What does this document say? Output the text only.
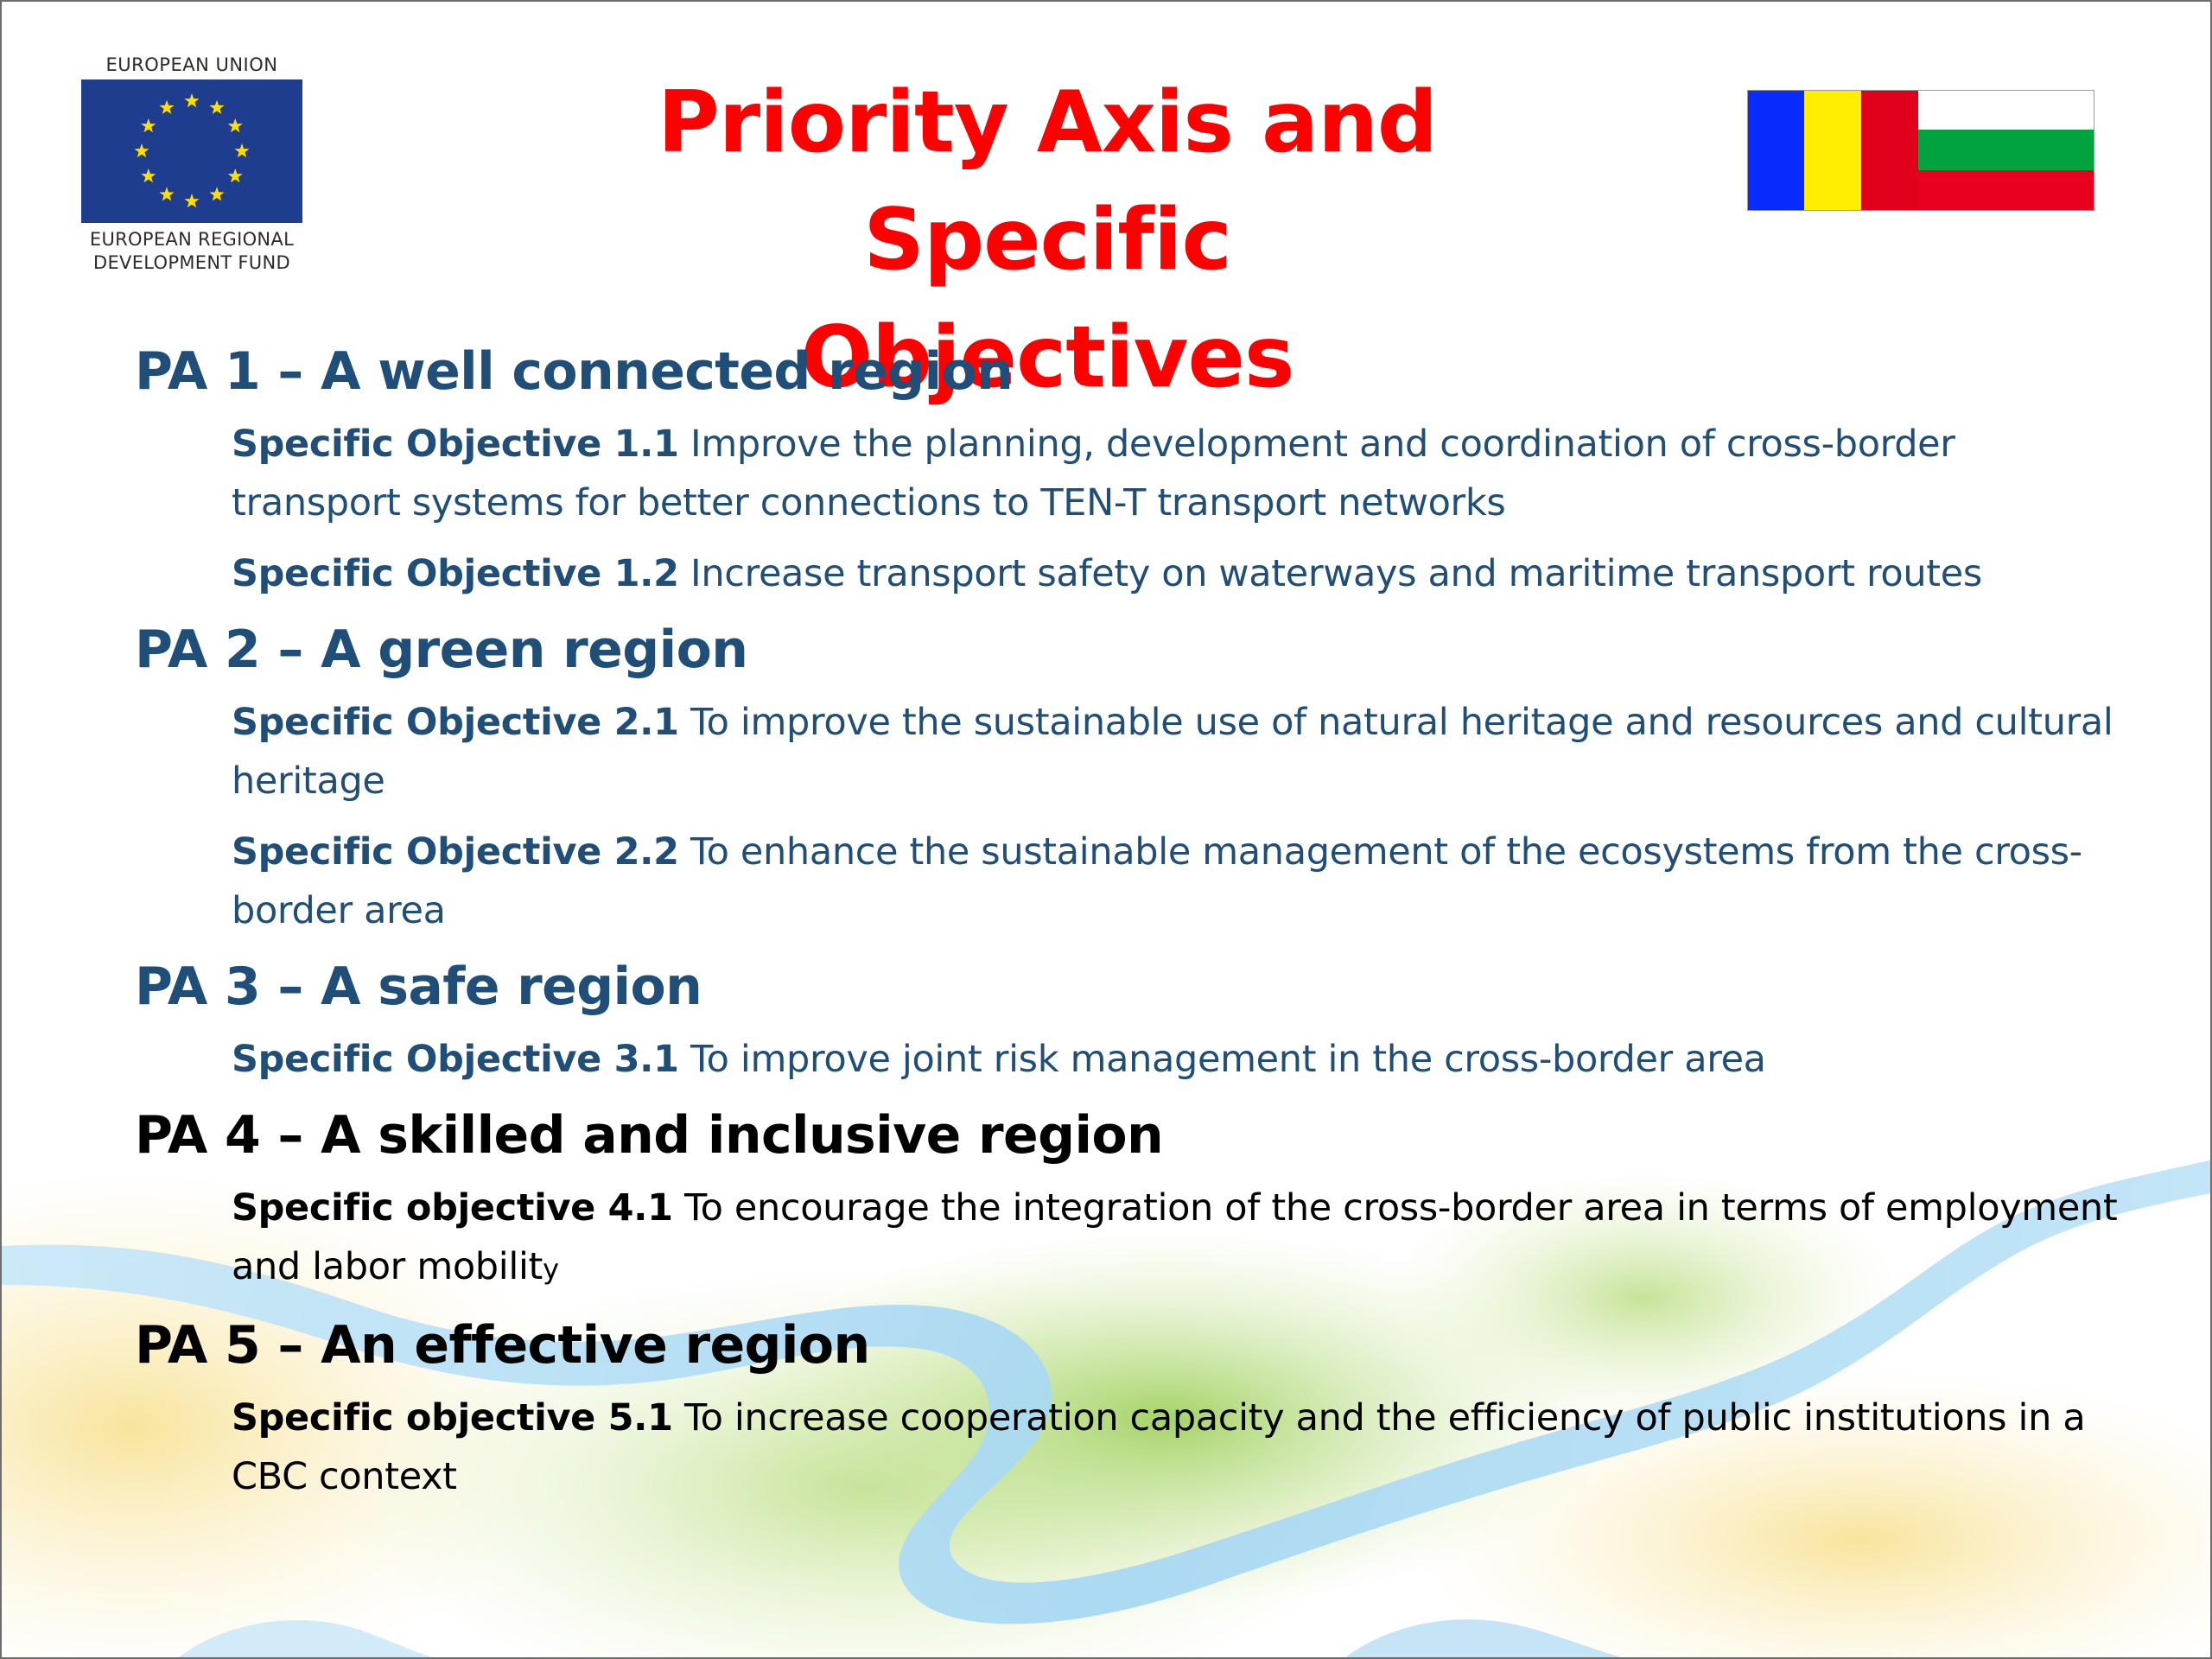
EUROPEAN UNION
EUROPEAN REGIONAL
DEVELOPMENT FUND
Priority Axis and
Specific Objectives
PA 1 – A well connected region
Specific Objective 1.1 Improve the planning, development and coordination of cross-border transport systems for better connections to TEN-T transport networks
Specific Objective 1.2 Increase transport safety on waterways and maritime transport routes
PA 2 – A green region
Specific Objective 2.1 To improve the sustainable use of natural heritage and resources and cultural heritage
Specific Objective 2.2 To enhance the sustainable management of the ecosystems from the cross-border area
PA 3 – A safe region
Specific Objective 3.1 To improve joint risk management in the cross-border area
PA 4 – A skilled and inclusive region
Specific objective 4.1 To encourage the integration of the cross-border area in terms of employment and labor mobility
PA 5 – An effective region
Specific objective 5.1 To increase cooperation capacity and the efficiency of public institutions in a CBC context
